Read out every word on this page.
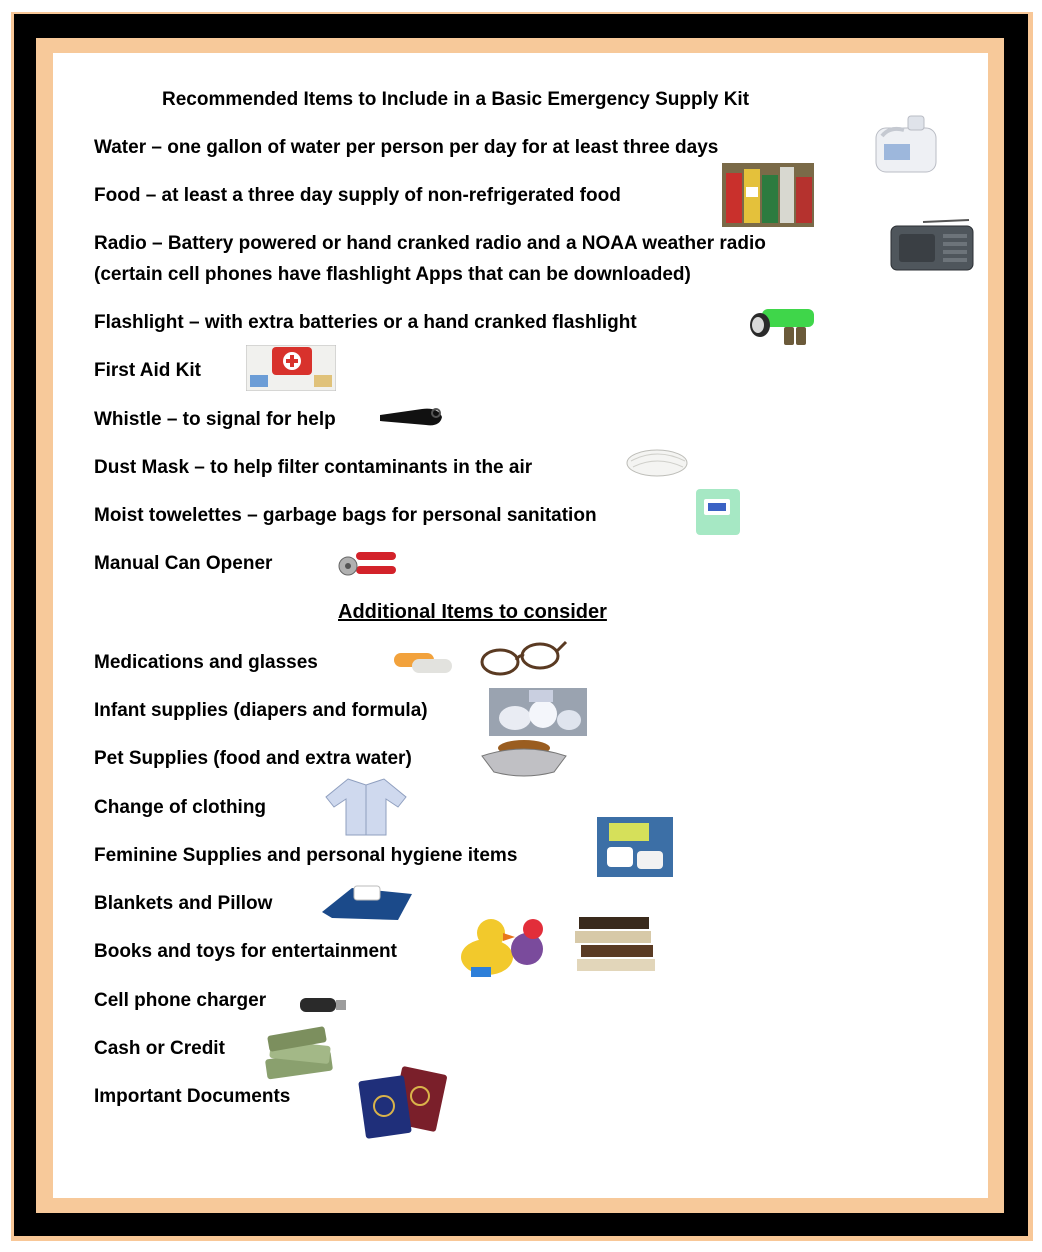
Recommended Items to Include in a Basic Emergency Supply Kit

Water – one gallon of water per person per day for at least three days

Food – at least a three day supply of non-refrigerated food

Radio – Battery powered or hand cranked radio and a NOAA weather radio

(certain cell phones have flashlight Apps that can be downloaded)

Flashlight – with extra batteries or a hand cranked flashlight

First Aid Kit

Whistle – to signal for help

Dust Mask – to help filter contaminants in the air

Moist towelettes – garbage bags for personal sanitation

Manual Can Opener

Additional Items to consider

Medications and glasses

Infant supplies (diapers and formula)

Pet Supplies (food and extra water)

Change of clothing

Feminine Supplies and personal hygiene items

Blankets and Pillow

Books and toys for entertainment

Cell phone charger

Cash or Credit

Important Documents
